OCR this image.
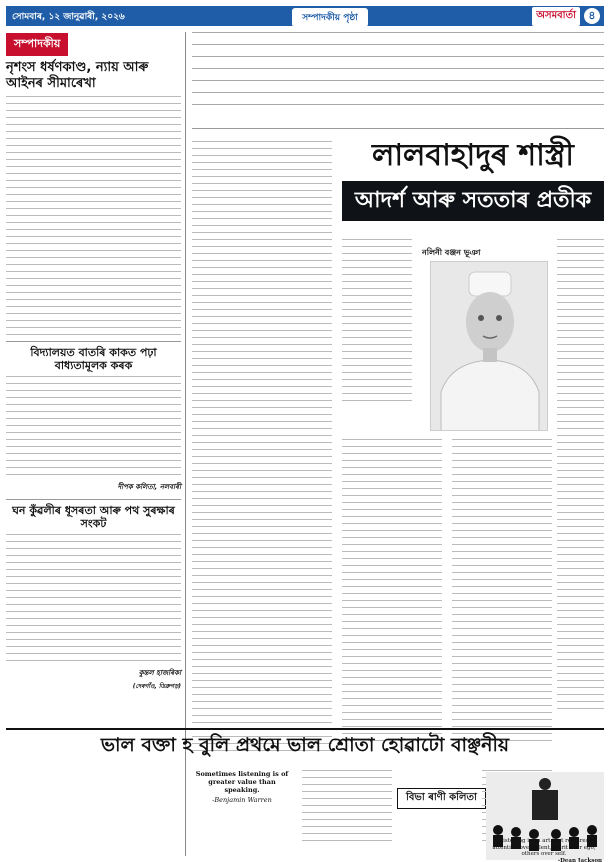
সোমবাৰ, ১২ জানুৱাৰী, ২০২৬	সম্পাদকীয় পৃষ্ঠা	অসমবাৰ্তা	৪
সম্পাদকীয়
নৃশংস ধৰ্ষণকাণ্ড, ন্যায় আৰু আইনৰ সীমাৰেখা
বিদ্যালয়ত বাতৰি কাকত পঢ়া বাধ্যতামূলক কৰক
দীপক কলিতা, নলবাৰী
ঘন কুঁৱলীৰ ধূসৰতা আৰু পথ সুৰক্ষাৰ সংকট
কুন্তল হাজৰিকা
(দেৰগাঁও, ডিব্ৰুগড়)
লালবাহাদুৰ শাস্ত্ৰী
আদৰ্শ আৰু সততাৰ প্ৰতীক
নলিনী বঞ্জন ভূঞা
ভাল বক্তা হ বুলি প্ৰথমে ভাল শ্ৰোতা হোৱাটো বাঞ্ছনীয়
Sometimes listening is of greater value than speaking.
-Benjamin Warren	বিভা ৰাণী কলিতা
Listening is an art that requires attention over talent, spirit over ego, others over self.
-Dean Jackson
